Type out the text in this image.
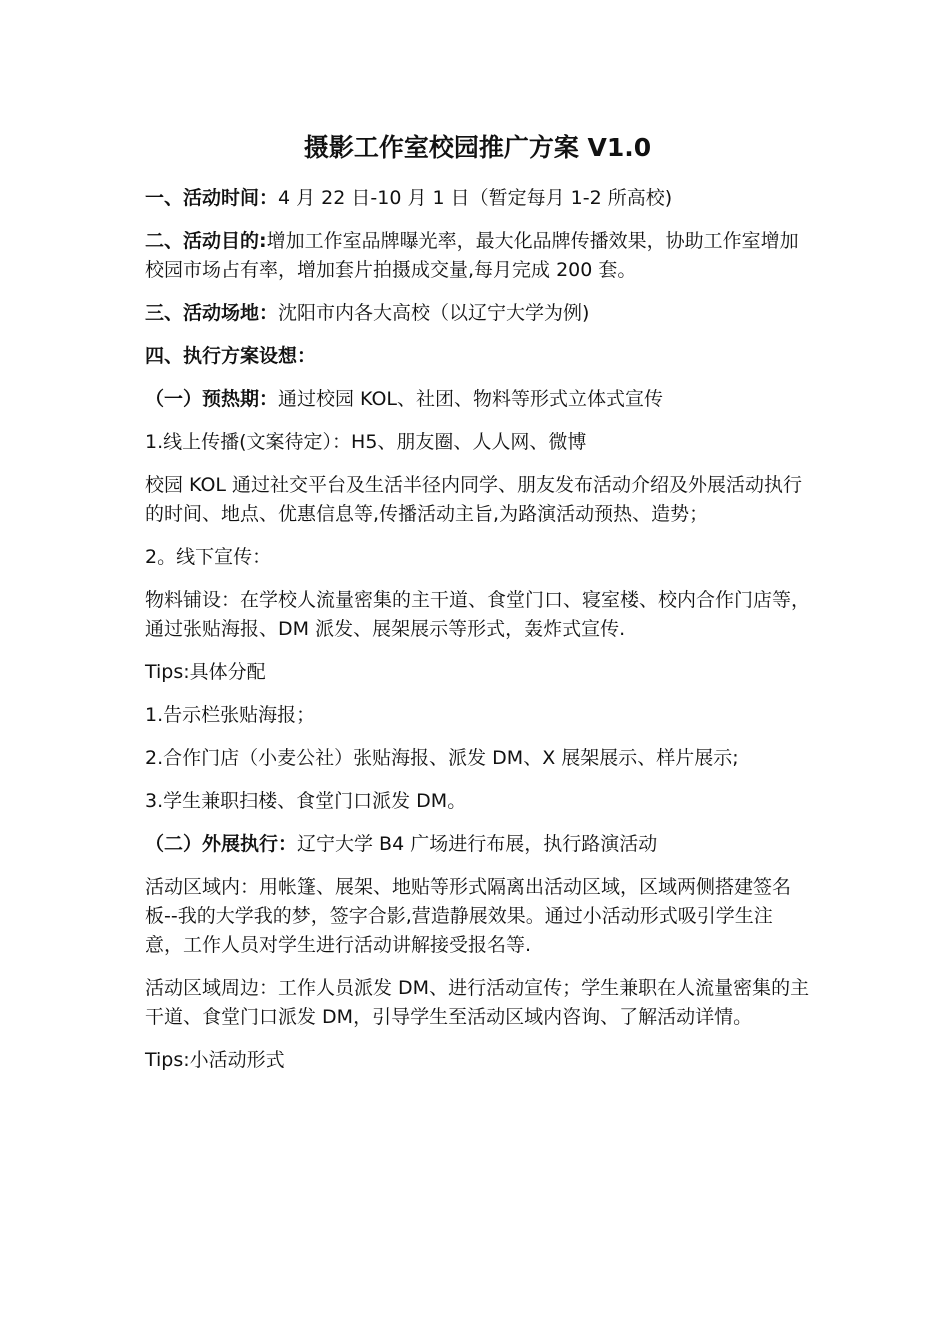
摄影工作室校园推广方案 V1.0

一、活动时间：4 月 22 日-10 月 1 日（暂定每月 1-2 所高校)

二、活动目的:增加工作室品牌曝光率，最大化品牌传播效果，协助工作室增加校园市场占有率，增加套片拍摄成交量,每月完成 200 套。

三、活动场地：沈阳市内各大高校（以辽宁大学为例)

四、执行方案设想：

（一）预热期：通过校园 KOL、社团、物料等形式立体式宣传

1.线上传播(文案待定）：H5、朋友圈、人人网、微博

校园 KOL 通过社交平台及生活半径内同学、朋友发布活动介绍及外展活动执行的时间、地点、优惠信息等,传播活动主旨,为路演活动预热、造势；

2。线下宣传：

物料铺设：在学校人流量密集的主干道、食堂门口、寝室楼、校内合作门店等，通过张贴海报、DM 派发、展架展示等形式，轰炸式宣传.

Tips:具体分配

1.告示栏张贴海报；

2.合作门店（小麦公社）张贴海报、派发 DM、X 展架展示、样片展示;

3.学生兼职扫楼、食堂门口派发 DM。

（二）外展执行：辽宁大学 B4 广场进行布展，执行路演活动

活动区域内：用帐篷、展架、地贴等形式隔离出活动区域，区域两侧搭建签名板--我的大学我的梦，签字合影,营造静展效果。通过小活动形式吸引学生注意，工作人员对学生进行活动讲解接受报名等.

活动区域周边：工作人员派发 DM、进行活动宣传；学生兼职在人流量密集的主干道、食堂门口派发 DM，引导学生至活动区域内咨询、了解活动详情。

Tips:小活动形式
